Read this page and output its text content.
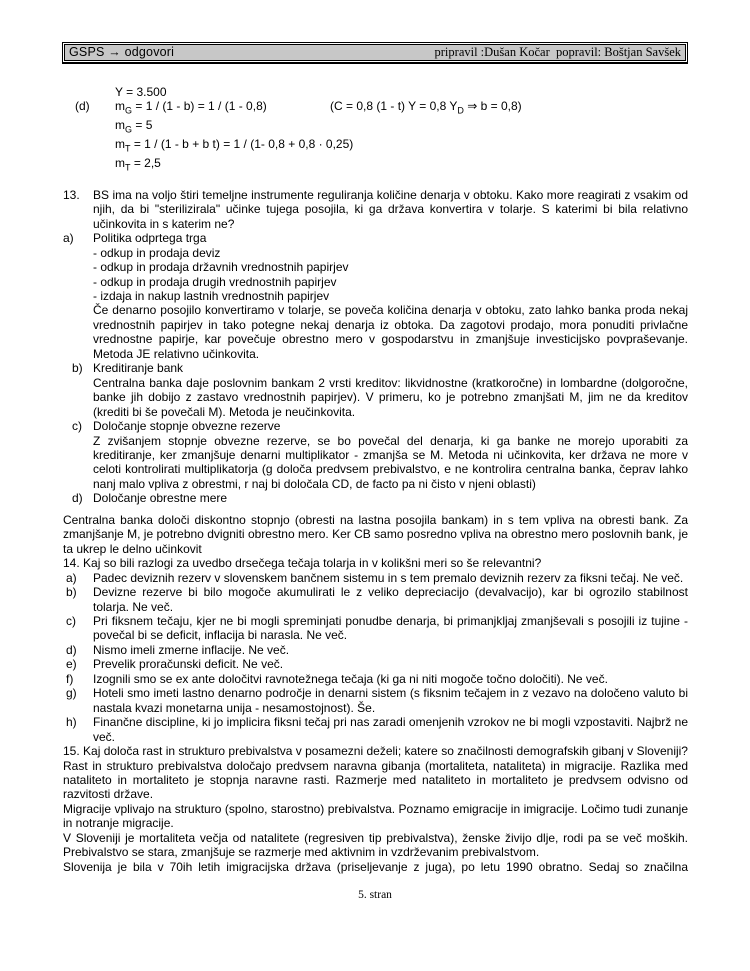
GSPS → odgovori	pripravil :Dušan Kočar  popravil: Boštjan Savšek
(d)
Y = 3.500
$m_G = 1 / (1 - b) = 1 / (1 - 0,8)$	(C = 0,8 (1 - t) Y = 0,8 $Y_D$ ⇒ b = 0,8)
$m_G = 5$
$m_T = 1 / (1 - b + b$ t) = 1 / (1- 0,8 + 0,8 · 0,25)
$m_T = 2,5$
13. BS ima na voljo štiri temeljne instrumente reguliranja količine denarja v obtoku. Kako more reagirati z vsakim od njih, da bi "sterilizirala" učinke tujega posojila, ki ga država konvertira v tolarje. S katerimi bi bila relativno učinkovita in s katerim ne?
a) Politika odprtega trga
- odkup in prodaja deviz
- odkup in prodaja državnih vrednostnih papirjev
- odkup in prodaja drugih vrednostnih papirjev
- izdaja in nakup lastnih vrednostnih papirjev
Če denarno posojilo konvertiramo v tolarje, se poveča količina denarja v obtoku, zato lahko banka proda nekaj vrednostnih papirjev in tako potegne nekaj denarja iz obtoka. Da zagotovi prodajo, mora ponuditi privlačne vrednostne papirje, kar povečuje obrestno mero v gospodarstvu in zmanjšuje investicijsko povpraševanje. Metoda JE relativno učinkovita.
b) Kreditiranje bank
Centralna banka daje poslovnim bankam 2 vrsti kreditov: likvidnostne (kratkoročne) in lombardne (dolgoročne, banke jih dobijo z zastavo vrednostnih papirjev). V primeru, ko je potrebno zmanjšati M, jim ne da kreditov (krediti bi še povečali M). Metoda je neučinkovita.
c) Določanje stopnje obvezne rezerve
Z zvišanjem stopnje obvezne rezerve, se bo povečal del denarja, ki ga banke ne morejo uporabiti za kreditiranje, ker zmanjšuje denarni multiplikator - zmanjša se M. Metoda ni učinkovita, ker država ne more v celoti kontrolirati multiplikatorja (g določa predvsem prebivalstvo, e ne kontrolira centralna banka, čeprav lahko nanj malo vpliva z obrestmi, r naj bi določala CD, de facto pa ni čisto v njeni oblasti)
d) Določanje obrestne mere
Centralna banka določi diskontno stopnjo (obresti na lastna posojila bankam) in s tem vpliva na obresti bank. Za zmanjšanje M, je potrebno dvigniti obrestno mero. Ker CB samo posredno vpliva na obrestno mero poslovnih bank, je ta ukrep le delno učinkovit
14. Kaj so bili razlogi za uvedbo drsečega tečaja tolarja in v kolikšni meri so še relevantni?
a) Padec deviznih rezerv v slovenskem bančnem sistemu in s tem premalo deviznih rezerv za fiksni tečaj. Ne več.
b) Devizne rezerve bi bilo mogoče akumulirati le z veliko depreciacijo (devalvacijo), kar bi ogrozilo stabilnost tolarja. Ne več.
c) Pri fiksnem tečaju, kjer ne bi mogli spreminjati ponudbe denarja, bi primanjkljaj zmanjševali s posojili iz tujine - povečal bi se deficit, inflacija bi narasla. Ne več.
d) Nismo imeli zmerne inflacije. Ne več.
e) Prevelik proračunski deficit. Ne več.
f) Izognili smo se ex ante določitvi ravnotežnega tečaja (ki ga ni niti mogoče točno določiti). Ne več.
g) Hoteli smo imeti lastno denarno področje in denarni sistem (s fiksnim tečajem in z vezavo na določeno valuto bi nastala kvazi monetarna unija - nesamostojnost). Še.
h) Finančne discipline, ki jo implicira fiksni tečaj pri nas zaradi omenjenih vzrokov ne bi mogli vzpostaviti. Najbrž ne več.
15. Kaj določa rast in strukturo prebivalstva v posamezni deželi; katere so značilnosti demografskih gibanj v Sloveniji?
Rast in strukturo prebivalstva določajo predvsem naravna gibanja (mortaliteta, nataliteta) in migracije. Razlika med nataliteto in mortaliteto je stopnja naravne rasti. Razmerje med nataliteto in mortaliteto je predvsem odvisno od razvitosti države.
Migracije vplivajo na strukturo (spolno, starostno) prebivalstva. Poznamo emigracije in imigracije. Ločimo tudi zunanje in notranje migracije.
V Sloveniji je mortaliteta večja od natalitete (regresiven tip prebivalstva), ženske živijo dlje, rodi pa se več moških. Prebivalstvo se stara, zmanjšuje se razmerje med aktivnim in vzdrževanim prebivalstvom.
Slovenija je bila v 70ih letih imigracijska država (priseljevanje z juga), po letu 1990 obratno. Sedaj so značilna
5. stran
